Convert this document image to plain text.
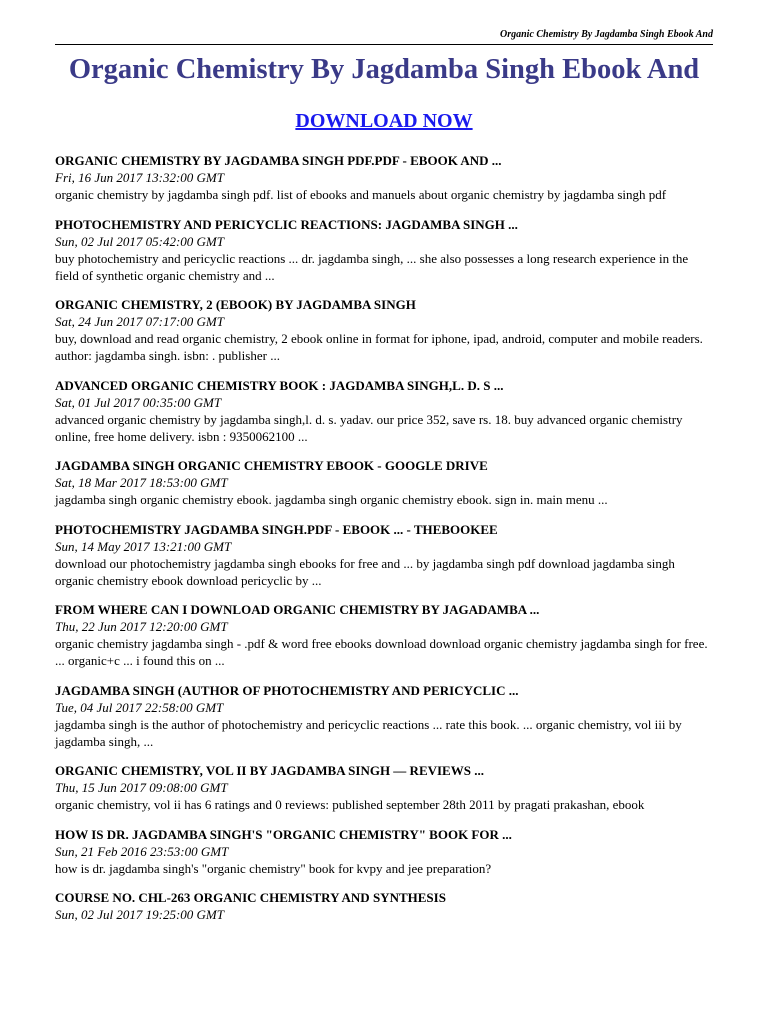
Organic Chemistry By Jagdamba Singh Ebook And
Organic Chemistry By Jagdamba Singh Ebook And
DOWNLOAD NOW
ORGANIC CHEMISTRY BY JAGDAMBA SINGH PDF.PDF - EBOOK AND ...
Fri, 16 Jun 2017 13:32:00 GMT
organic chemistry by jagdamba singh pdf. list of ebooks and manuels about organic chemistry by jagdamba singh pdf
PHOTOCHEMISTRY AND PERICYCLIC REACTIONS: JAGDAMBA SINGH ...
Sun, 02 Jul 2017 05:42:00 GMT
buy photochemistry and pericyclic reactions ... dr. jagdamba singh, ... she also possesses a long research experience in the field of synthetic organic chemistry and ...
ORGANIC CHEMISTRY, 2 (EBOOK) BY JAGDAMBA SINGH
Sat, 24 Jun 2017 07:17:00 GMT
buy, download and read organic chemistry, 2 ebook online in format for iphone, ipad, android, computer and mobile readers. author: jagdamba singh. isbn: . publisher ...
ADVANCED ORGANIC CHEMISTRY BOOK : JAGDAMBA SINGH,L. D. S ...
Sat, 01 Jul 2017 00:35:00 GMT
advanced organic chemistry by jagdamba singh,l. d. s. yadav. our price 352, save rs. 18. buy advanced organic chemistry online, free home delivery. isbn : 9350062100 ...
JAGDAMBA SINGH ORGANIC CHEMISTRY EBOOK - GOOGLE DRIVE
Sat, 18 Mar 2017 18:53:00 GMT
jagdamba singh organic chemistry ebook. jagdamba singh organic chemistry ebook. sign in. main menu ...
PHOTOCHEMISTRY JAGDAMBA SINGH.PDF - EBOOK ... - THEBOOKEE
Sun, 14 May 2017 13:21:00 GMT
download our photochemistry jagdamba singh ebooks for free and ... by jagdamba singh pdf download jagdamba singh organic chemistry ebook download pericyclic by ...
FROM WHERE CAN I DOWNLOAD ORGANIC CHEMISTRY BY JAGADAMBA ...
Thu, 22 Jun 2017 12:20:00 GMT
organic chemistry jagdamba singh - .pdf & word free ebooks download download organic chemistry jagdamba singh for free. ... organic+c ... i found this on ...
JAGDAMBA SINGH (AUTHOR OF PHOTOCHEMISTRY AND PERICYCLIC ...
Tue, 04 Jul 2017 22:58:00 GMT
jagdamba singh is the author of photochemistry and pericyclic reactions ... rate this book. ... organic chemistry, vol iii by jagdamba singh, ...
ORGANIC CHEMISTRY, VOL II BY JAGDAMBA SINGH — REVIEWS ...
Thu, 15 Jun 2017 09:08:00 GMT
organic chemistry, vol ii has 6 ratings and 0 reviews: published september 28th 2011 by pragati prakashan, ebook
HOW IS DR. JAGDAMBA SINGH'S "ORGANIC CHEMISTRY" BOOK FOR ...
Sun, 21 Feb 2016 23:53:00 GMT
how is dr. jagdamba singh's "organic chemistry" book for kvpy and jee preparation?
COURSE NO. CHL-263 ORGANIC CHEMISTRY AND SYNTHESIS
Sun, 02 Jul 2017 19:25:00 GMT
